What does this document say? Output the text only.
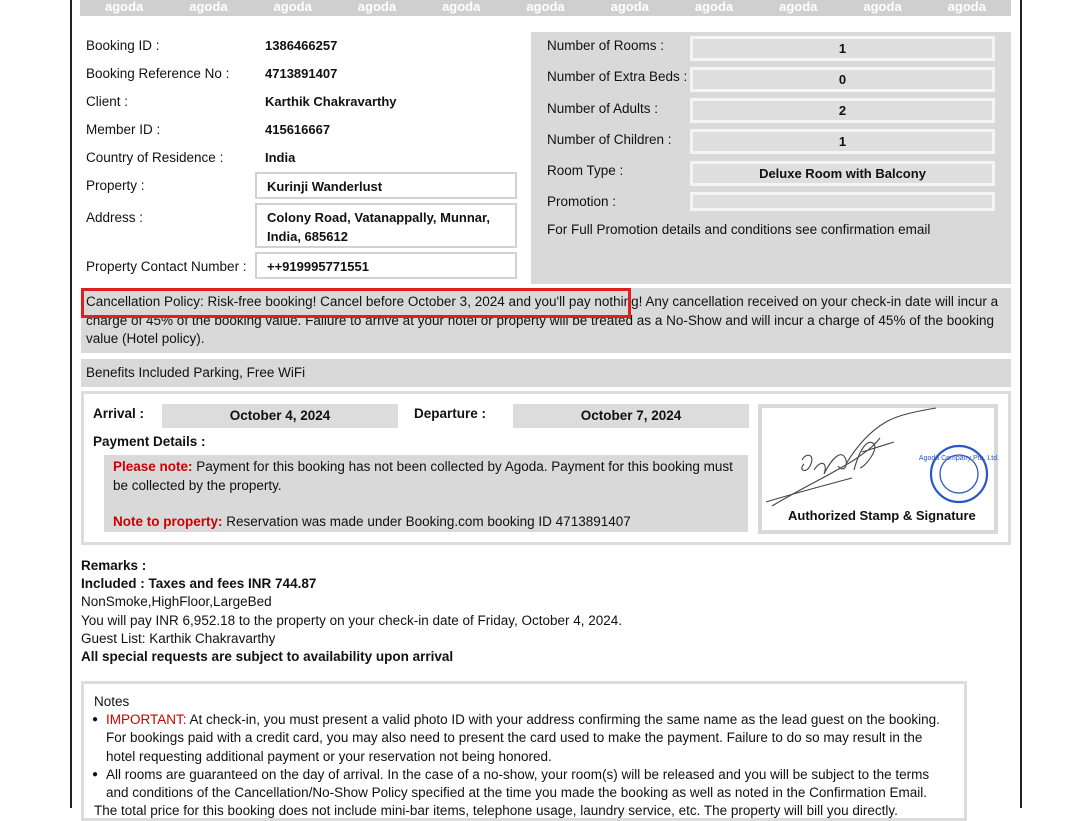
agoda	agoda	agoda	agoda	agoda	agoda	agoda	agoda	agoda	agoda	agoda
Booking ID :	1386466257
Booking Reference No :	4713891407
Client :	Karthik Chakravarthy
Member ID :	415616667
Country of Residence :	India
Property :	Kurinji Wanderlust
Address :	Colony Road, Vatanappally, Munnar,
India, 685612
Property Contact Number :	++919995771551
Number of Rooms :	1
Number of Extra Beds :	0
Number of Adults :	2
Number of Children :	1
Room Type :	Deluxe Room with Balcony
Promotion :
For Full Promotion details and conditions see confirmation email
Cancellation Policy: Risk-free booking! Cancel before October 3, 2024 and you'll pay nothing! Any cancellation received on your check-in date will incur a charge of 45% of the booking value. Failure to arrive at your hotel or property will be treated as a No-Show and will incur a charge of 45% of the booking value (Hotel policy).
Benefits Included Parking, Free WiFi
Arrival :	October 4, 2024	Departure :	October 7, 2024
Payment Details :
Please note: Payment for this booking has not been collected by Agoda. Payment for this booking must be collected by the property.
Note to property: Reservation was made under Booking.com booking ID 4713891407
Agoda Company Pte. Ltd.
Authorized Stamp & Signature
Remarks :
Included : Taxes and fees INR 744.87
NonSmoke,HighFloor,LargeBed
You will pay INR 6,952.18 to the property on your check-in date of Friday, October 4, 2024.
Guest List: Karthik Chakravarthy
All special requests are subject to availability upon arrival
Notes
● IMPORTANT: At check-in, you must present a valid photo ID with your address confirming the same name as the lead guest on the booking. For bookings paid with a credit card, you may also need to present the card used to make the payment. Failure to do so may result in the hotel requesting additional payment or your reservation not being honored.
● All rooms are guaranteed on the day of arrival. In the case of a no-show, your room(s) will be released and you will be subject to the terms and conditions of the Cancellation/No-Show Policy specified at the time you made the booking as well as noted in the Confirmation Email.
The total price for this booking does not include mini-bar items, telephone usage, laundry service, etc. The property will bill you directly.
